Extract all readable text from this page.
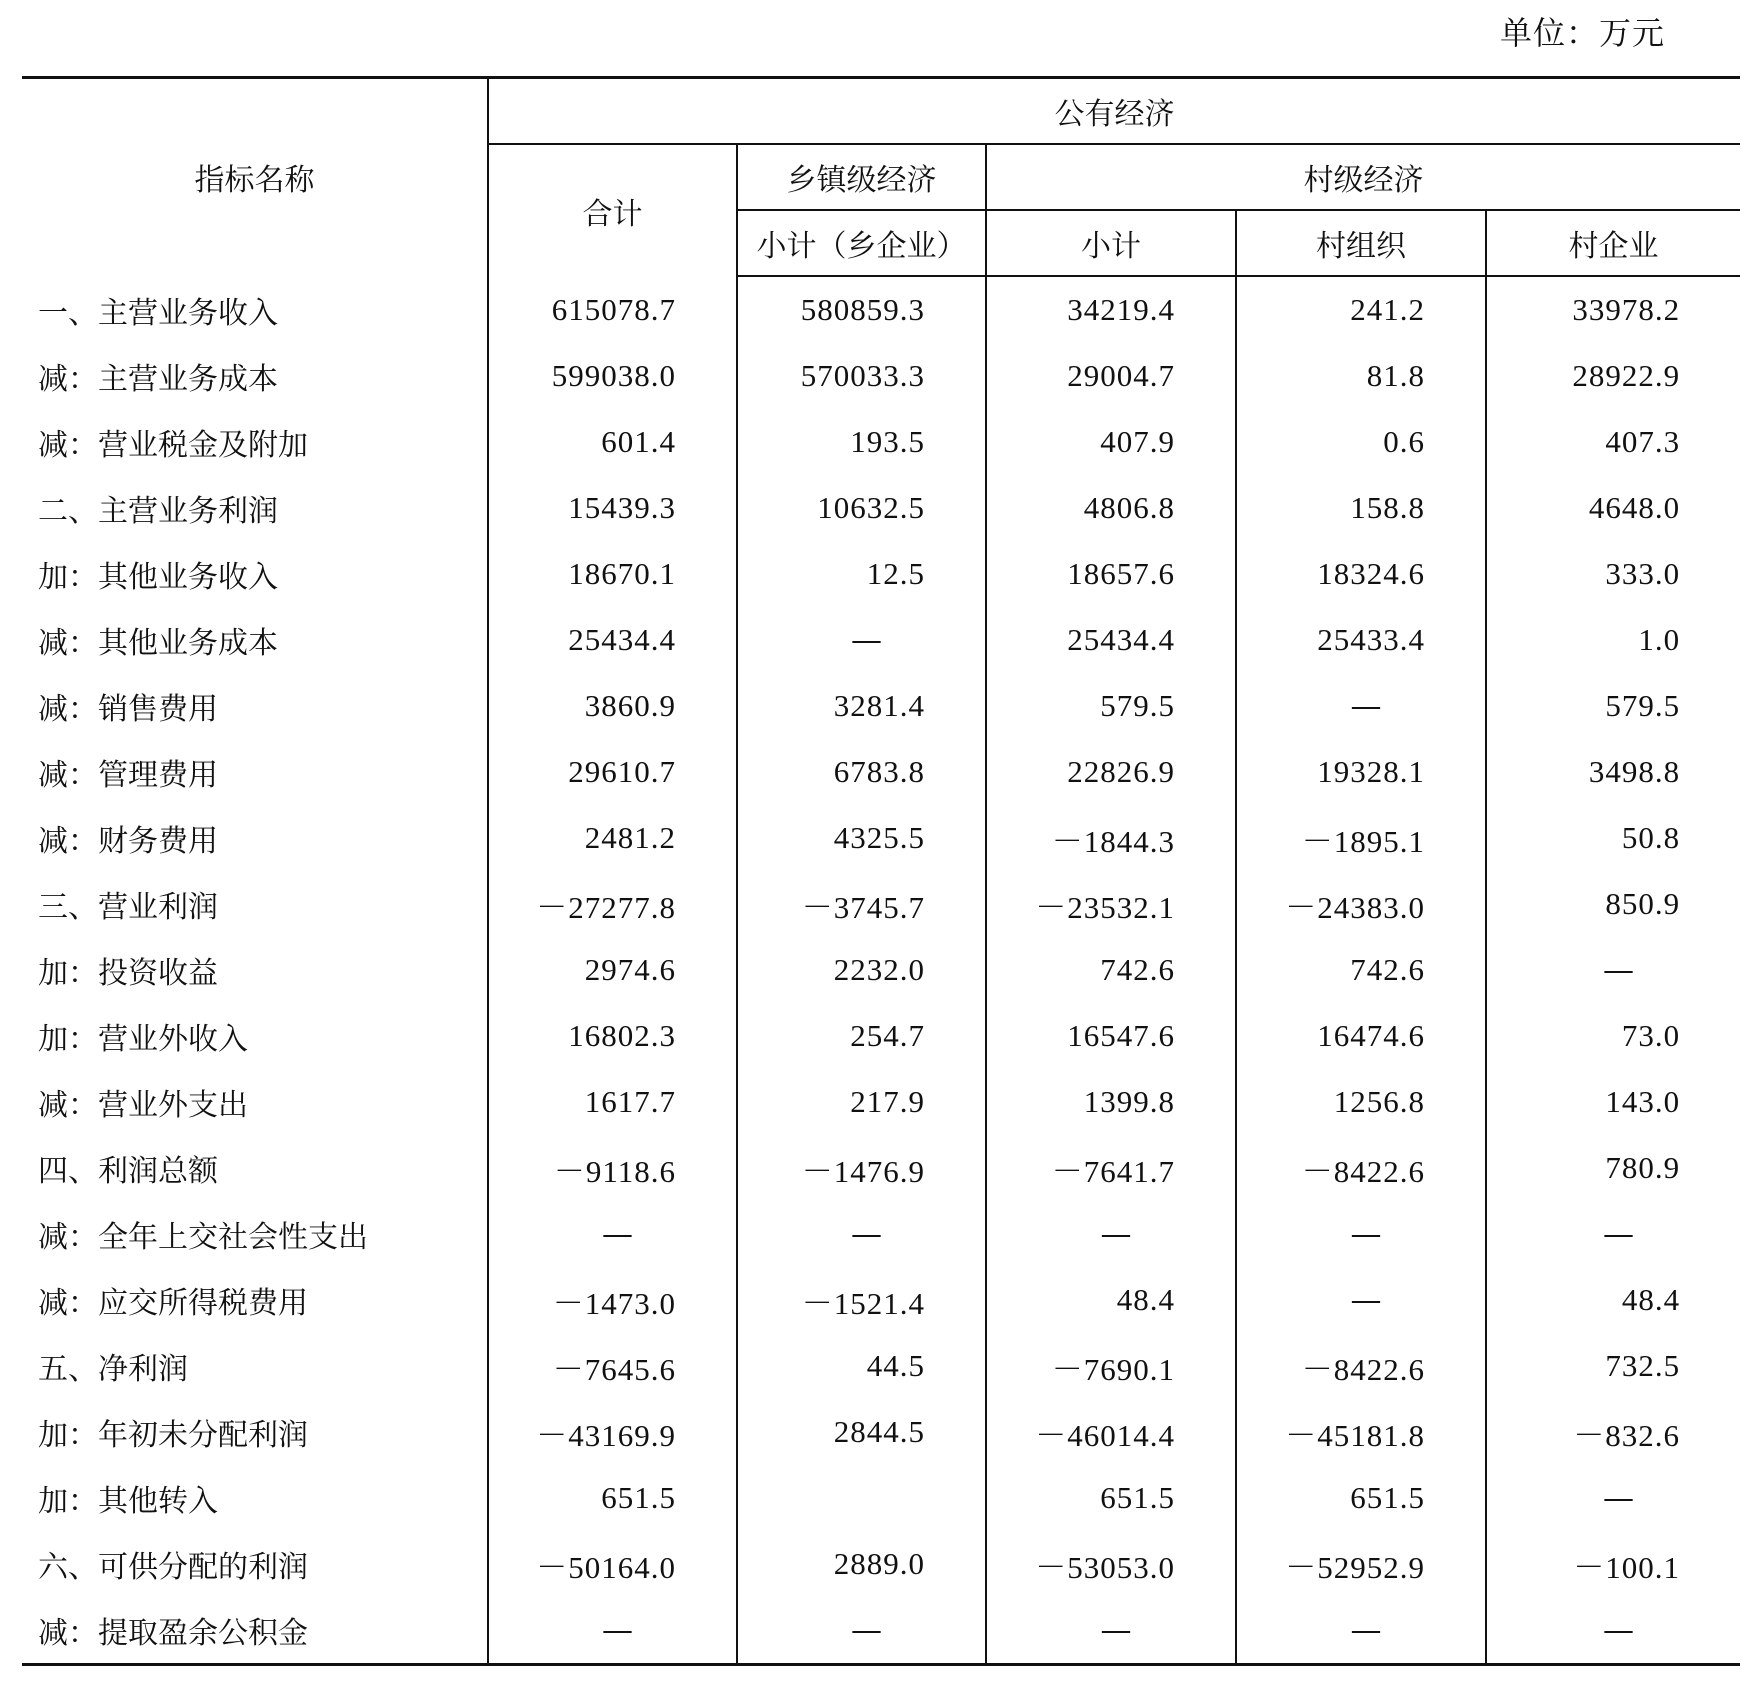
单位：万元
指标名称	公有经济				
	合计	乡镇级经济	村级经济		
		小计（乡企业）	小计	村组织	村企业
一、主营业务收入	615078.7	580859.3	34219.4	241.2	33978.2
减：主营业务成本	599038.0	570033.3	29004.7	81.8	28922.9
减：营业税金及附加	601.4	193.5	407.9	0.6	407.3
二、主营业务利润	15439.3	10632.5	4806.8	158.8	4648.0
加：其他业务收入	18670.1	12.5	18657.6	18324.6	333.0
减：其他业务成本	25434.4	—	25434.4	25433.4	1.0
减：销售费用	3860.9	3281.4	579.5	—	579.5
减：管理费用	29610.7	6783.8	22826.9	19328.1	3498.8
减：财务费用	2481.2	4325.5	－1844.3	－1895.1	50.8
三、营业利润	－27277.8	－3745.7	－23532.1	－24383.0	850.9
加：投资收益	2974.6	2232.0	742.6	742.6	—
加：营业外收入	16802.3	254.7	16547.6	16474.6	73.0
减：营业外支出	1617.7	217.9	1399.8	1256.8	143.0
四、利润总额	－9118.6	－1476.9	－7641.7	－8422.6	780.9
减：全年上交社会性支出	—	—	—	—	—
减：应交所得税费用	－1473.0	－1521.4	48.4	—	48.4
五、净利润	－7645.6	44.5	－7690.1	－8422.6	732.5
加：年初未分配利润	－43169.9	2844.5	－46014.4	－45181.8	－832.6
加：其他转入	651.5		651.5	651.5	—
六、可供分配的利润	－50164.0	2889.0	－53053.0	－52952.9	－100.1
减：提取盈余公积金	—	—	—	—	—
